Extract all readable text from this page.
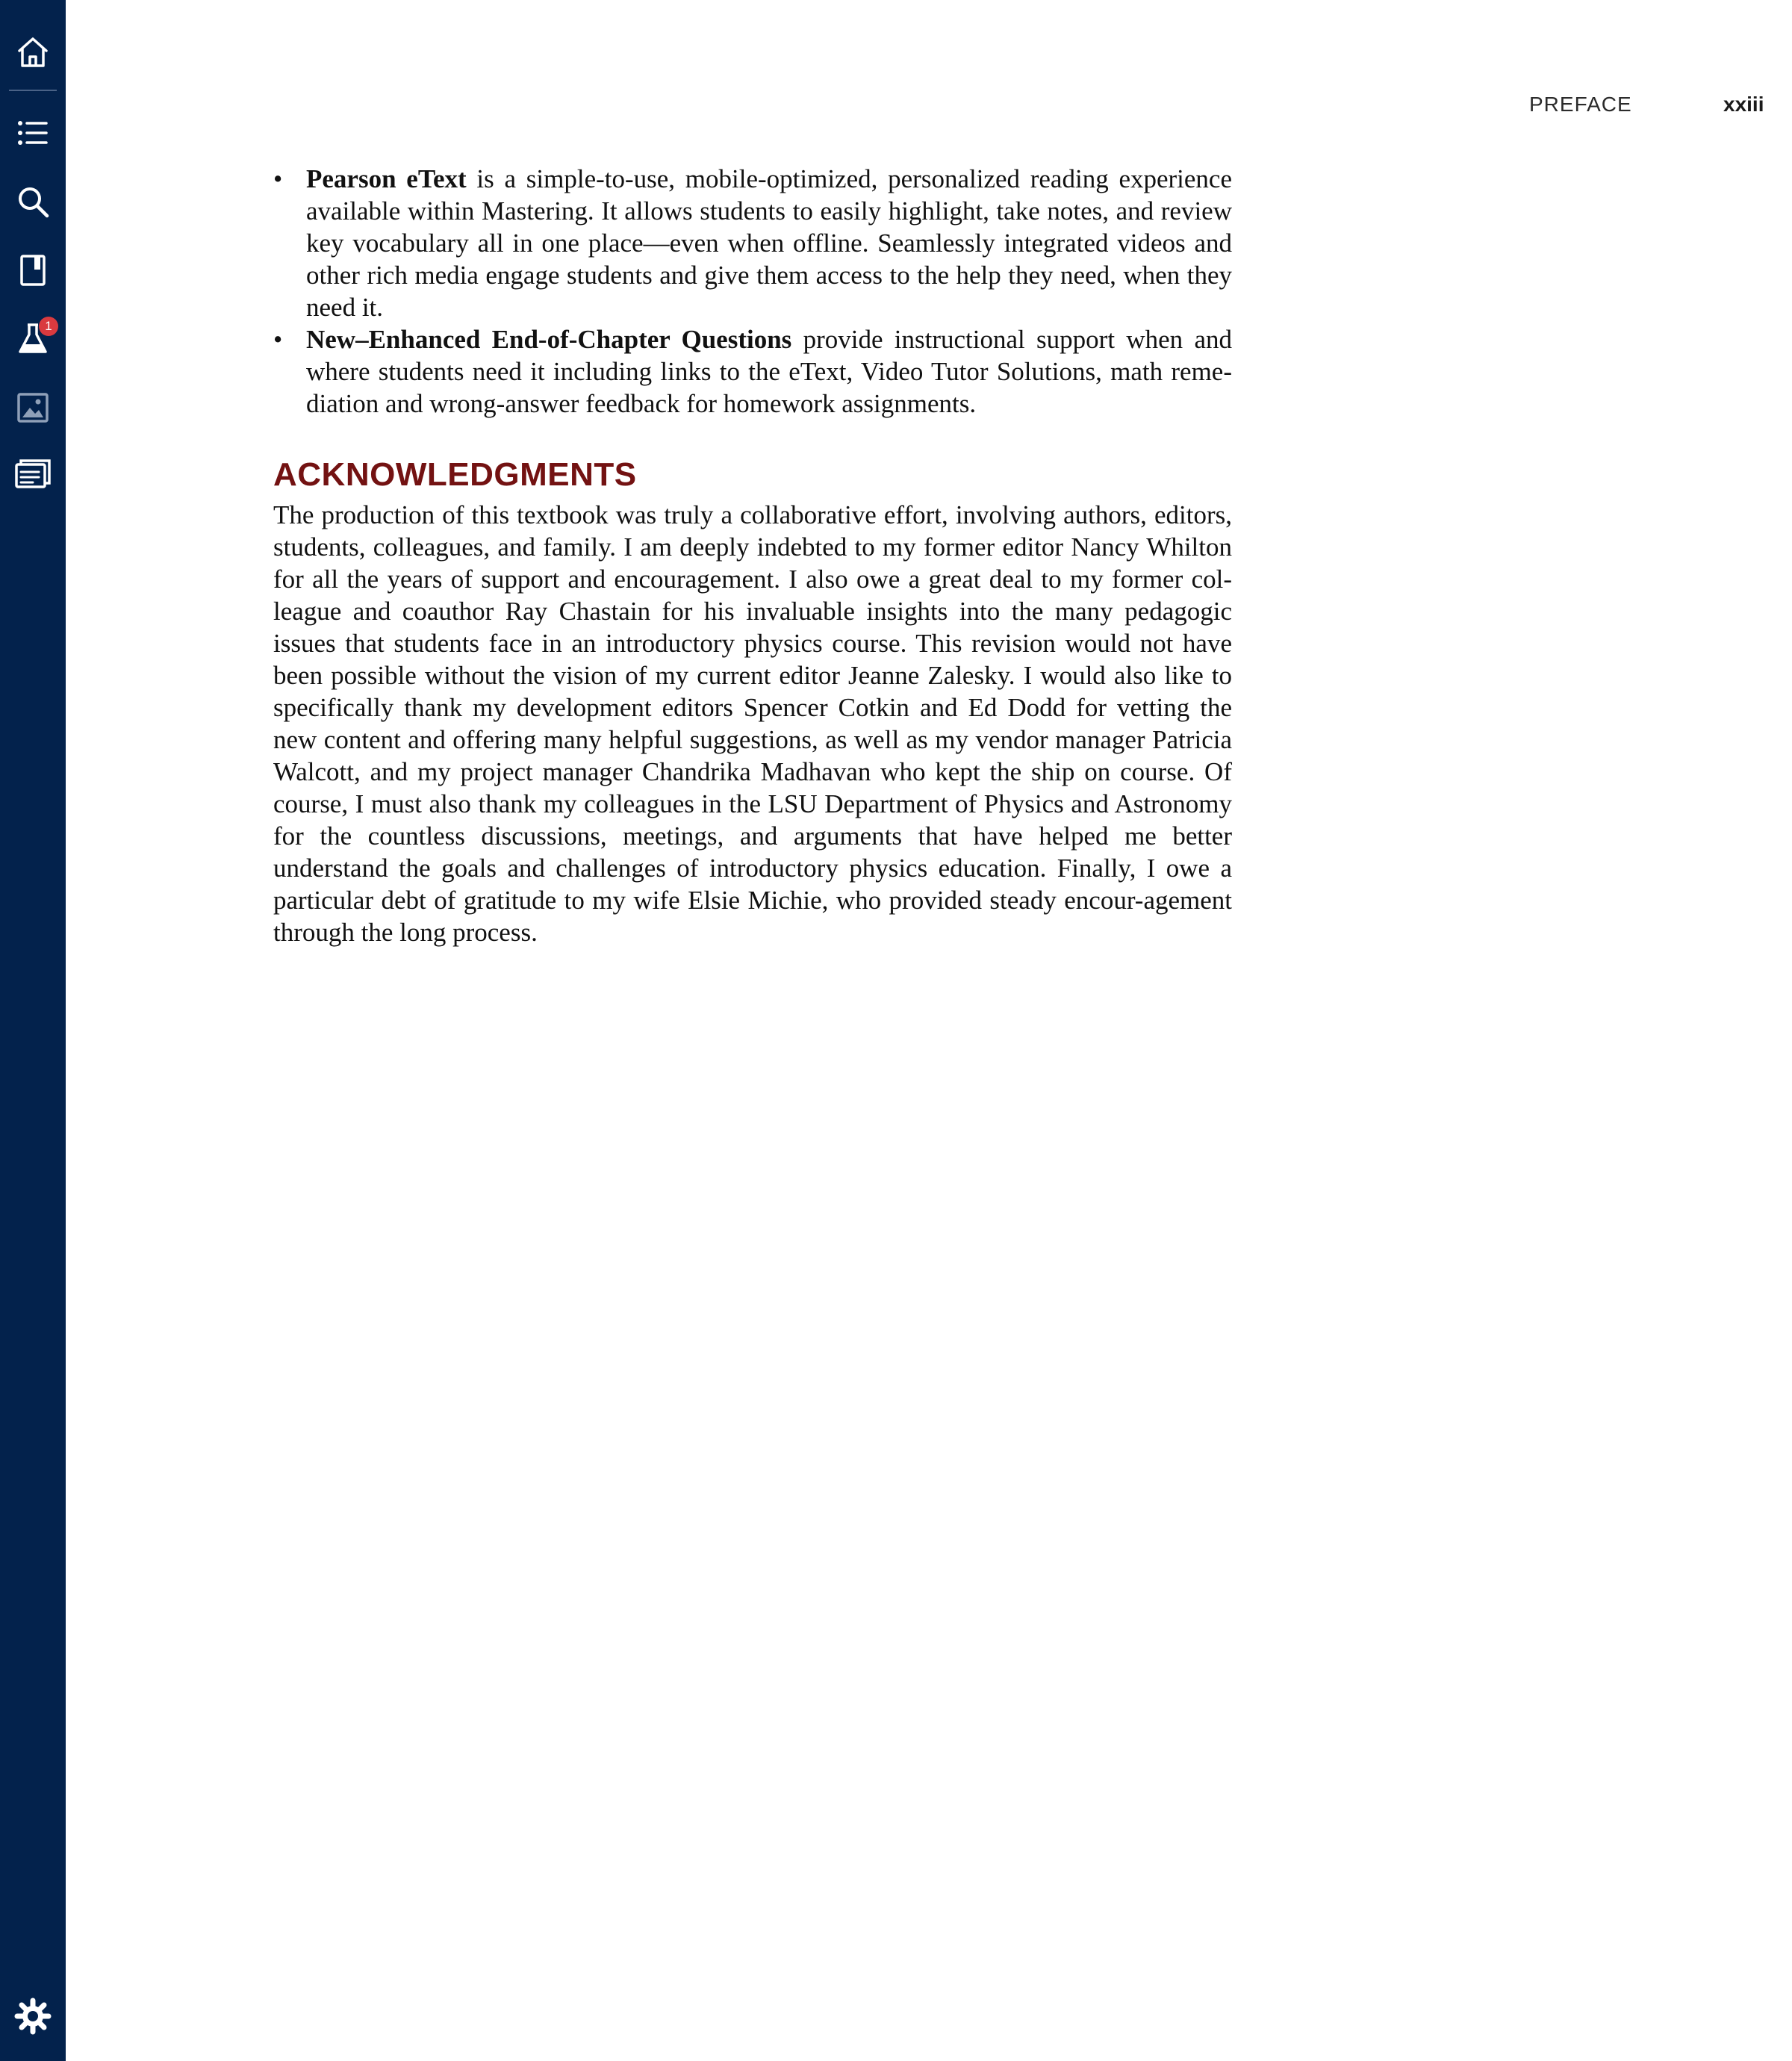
1
PREFACE	xxiii
• Pearson eText is a simple-to-use, mobile-optimized, personalized reading experience available within Mastering. It allows students to easily highlight, take notes, and review key vocabulary all in one place—even when offline. Seamlessly integrated videos and other rich media engage students and give them access to the help they need, when they need it.
• New–Enhanced End-of-Chapter Questions provide instructional support when and where students need it including links to the eText, Video Tutor Solutions, math reme-diation and wrong-answer feedback for homework assignments.
ACKNOWLEDGMENTS

The production of this textbook was truly a collaborative effort, involving authors, editors, students, colleagues, and family. I am deeply indebted to my former editor Nancy Whilton for all the years of support and encouragement. I also owe a great deal to my former col-league and coauthor Ray Chastain for his invaluable insights into the many pedagogic issues that students face in an introductory physics course. This revision would not have been possible without the vision of my current editor Jeanne Zalesky. I would also like to specifically thank my development editors Spencer Cotkin and Ed Dodd for vetting the new content and offering many helpful suggestions, as well as my vendor manager Patricia Walcott, and my project manager Chandrika Madhavan who kept the ship on course. Of course, I must also thank my colleagues in the LSU Department of Physics and Astronomy for the countless discussions, meetings, and arguments that have helped me better understand the goals and challenges of introductory physics education. Finally, I owe a particular debt of gratitude to my wife Elsie Michie, who provided steady encour-agement through the long process.
